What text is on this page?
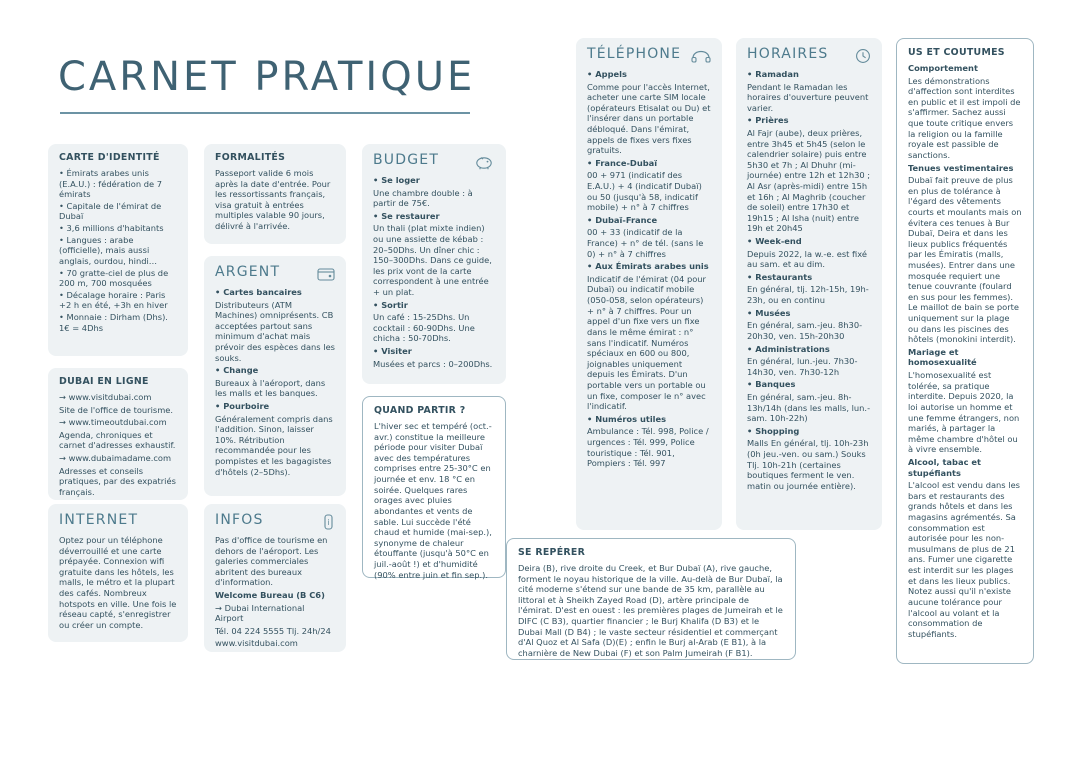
CARNET PRATIQUE
CARTE D'IDENTITÉ
• Émirats arabes unis (E.A.U.) : fédération de 7 émirats
• Capitale de l'émirat de Dubaï
• 3,6 millions d'habitants
• Langues : arabe (officielle), mais aussi anglais, ourdou, hindi…
• 70 gratte-ciel de plus de 200 m, 700 mosquées
• Décalage horaire : Paris +2 h en été, +3h en hiver
• Monnaie : Dirham (Dhs). 1€ = 4Dhs
DUBAI EN LIGNE

→ www.visitdubai.com

Site de l'office de tourisme.

→ www.timeoutdubai.com

Agenda, chroniques et carnet d'adresses exhaustif.

→ www.dubaimadame.com

Adresses et conseils pratiques, par des expatriés français.

INTERNET

Optez pour un téléphone déverrouillé et une carte prépayée. Connexion wifi gratuite dans les hôtels, les malls, le métro et la plupart des cafés. Nombreux hotspots en ville. Une fois le réseau capté, s'enregistrer ou créer un compte.

FORMALITÉS

Passeport valide 6 mois après la date d'entrée. Pour les ressortissants français, visa gratuit à entrées multiples valable 90 jours, délivré à l'arrivée.

ARGENT

• Cartes bancaires

Distributeurs (ATM Machines) omniprésents. CB acceptées partout sans minimum d'achat mais prévoir des espèces dans les souks.

• Change

Bureaux à l'aéroport, dans les malls et les banques.

• Pourboire

Généralement compris dans l'addition. Sinon, laisser 10%. Rétribution recommandée pour les pompistes et les bagagistes d'hôtels (2–5Dhs).

INFOS	i

Pas d'office de tourisme en dehors de l'aéroport. Les galeries commerciales abritent des bureaux d'information.

Welcome Bureau (B C6)

→ Dubai International Airport

Tél. 04 224 5555 Tlj. 24h/24

www.visitdubai.com

BUDGET

• Se loger

Une chambre double : à partir de 75€.

• Se restaurer

Un thali (plat mixte indien) ou une assiette de kébab : 20–50Dhs. Un dîner chic : 150–300Dhs. Dans ce guide, les prix vont de la carte correspondent à une entrée + un plat.

• Sortir

Un café : 15-25Dhs. Un cocktail : 60-90Dhs. Une chicha : 50-70Dhs.

• Visiter

Musées et parcs : 0–200Dhs.

QUAND PARTIR ?

L'hiver sec et tempéré (oct.-avr.) constitue la meilleure période pour visiter Dubaï avec des températures comprises entre 25-30°C en journée et env. 18 °C en soirée. Quelques rares orages avec pluies abondantes et vents de sable. Lui succède l'été chaud et humide (mai-sep.), synonyme de chaleur étouffante (jusqu'à 50°C en juil.-août !) et d'humidité (90% entre juin et fin sep.).

TÉLÉPHONE

• Appels

Comme pour l'accès Internet, acheter une carte SIM locale (opérateurs Etisalat ou Du) et l'insérer dans un portable débloqué. Dans l'émirat, appels de fixes vers fixes gratuits.

• France-Dubaï

00 + 971 (indicatif des E.A.U.) + 4 (indicatif Dubaï) ou 50 (jusqu'à 58, indicatif mobile) + n° à 7 chiffres

• Dubaï-France

00 + 33 (indicatif de la France) + n° de tél. (sans le 0) + n° à 7 chiffres

• Aux Émirats arabes unis

Indicatif de l'émirat (04 pour Dubaï) ou indicatif mobile (050-058, selon opérateurs) + n° à 7 chiffres. Pour un appel d'un fixe vers un fixe dans le même émirat : n° sans l'indicatif. Numéros spéciaux en 600 ou 800, joignables uniquement depuis les Émirats. D'un portable vers un portable ou un fixe, composer le n° avec l'indicatif.

• Numéros utiles

Ambulance : Tél. 998, Police / urgences : Tél. 999, Police touristique : Tél. 901, Pompiers : Tél. 997

HORAIRES

• Ramadan

Pendant le Ramadan les horaires d'ouverture peuvent varier.

• Prières

Al Fajr (aube), deux prières, entre 3h45 et 5h45 (selon le calendrier solaire) puis entre 5h30 et 7h ; Al Dhuhr (mi-journée) entre 12h et 12h30 ; Al Asr (après-midi) entre 15h et 16h ; Al Maghrib (coucher de soleil) entre 17h30 et 19h15 ; Al Isha (nuit) entre 19h et 20h45

• Week-end

Depuis 2022, la w.-e. est fixé au sam. et au dim.

• Restaurants

En général, tlj. 12h-15h, 19h-23h, ou en continu

• Musées

En général, sam.-jeu. 8h30-20h30, ven. 15h-20h30

• Administrations

En général, lun.-jeu. 7h30-14h30, ven. 7h30-12h

• Banques

En général, sam.-jeu. 8h-13h/14h (dans les malls, lun.-sam. 10h-22h)

• Shopping

Malls En général, tlj. 10h-23h (0h jeu.-ven. ou sam.) Souks Tlj. 10h-21h (certaines boutiques ferment le ven. matin ou journée entière).

US ET COUTUMES

Comportement

Les démonstrations d'affection sont interdites en public et il est impoli de s'affirmer. Sachez aussi que toute critique envers la religion ou la famille royale est passible de sanctions.

Tenues vestimentaires

Dubaï fait preuve de plus en plus de tolérance à l'égard des vêtements courts et moulants mais on évitera ces tenues à Bur Dubaï, Deira et dans les lieux publics fréquentés par les Émiratis (malls, musées). Entrer dans une mosquée requiert une tenue couvrante (foulard en sus pour les femmes). Le maillot de bain se porte uniquement sur la plage ou dans les piscines des hôtels (monokini interdit).

Mariage et homosexualité

L'homosexualité est tolérée, sa pratique interdite. Depuis 2020, la loi autorise un homme et une femme étrangers, non mariés, à partager la même chambre d'hôtel ou à vivre ensemble.

Alcool, tabac et stupéfiants

L'alcool est vendu dans les bars et restaurants des grands hôtels et dans les magasins agrémentés. Sa consommation est autorisée pour les non-musulmans de plus de 21 ans. Fumer une cigarette est interdit sur les plages et dans les lieux publics. Notez aussi qu'il n'existe aucune tolérance pour l'alcool au volant et la consommation de stupéfiants.

SE REPÉRER

Deira (B), rive droite du Creek, et Bur Dubaï (A), rive gauche, forment le noyau historique de la ville. Au-delà de Bur Dubaï, la cité moderne s'étend sur une bande de 35 km, parallèle au littoral et à Sheikh Zayed Road (D), artère principale de l'émirat. D'est en ouest : les premières plages de Jumeirah et le DIFC (C B3), quartier financier ; le Burj Khalifa (D B3) et le Dubai Mall (D B4) ; le vaste secteur résidentiel et commerçant d'Al Quoz et Al Safa (D)(E) ; enfin le Burj al-Arab (E B1), à la charnière de New Dubai (F) et son Palm Jumeirah (F B1).
